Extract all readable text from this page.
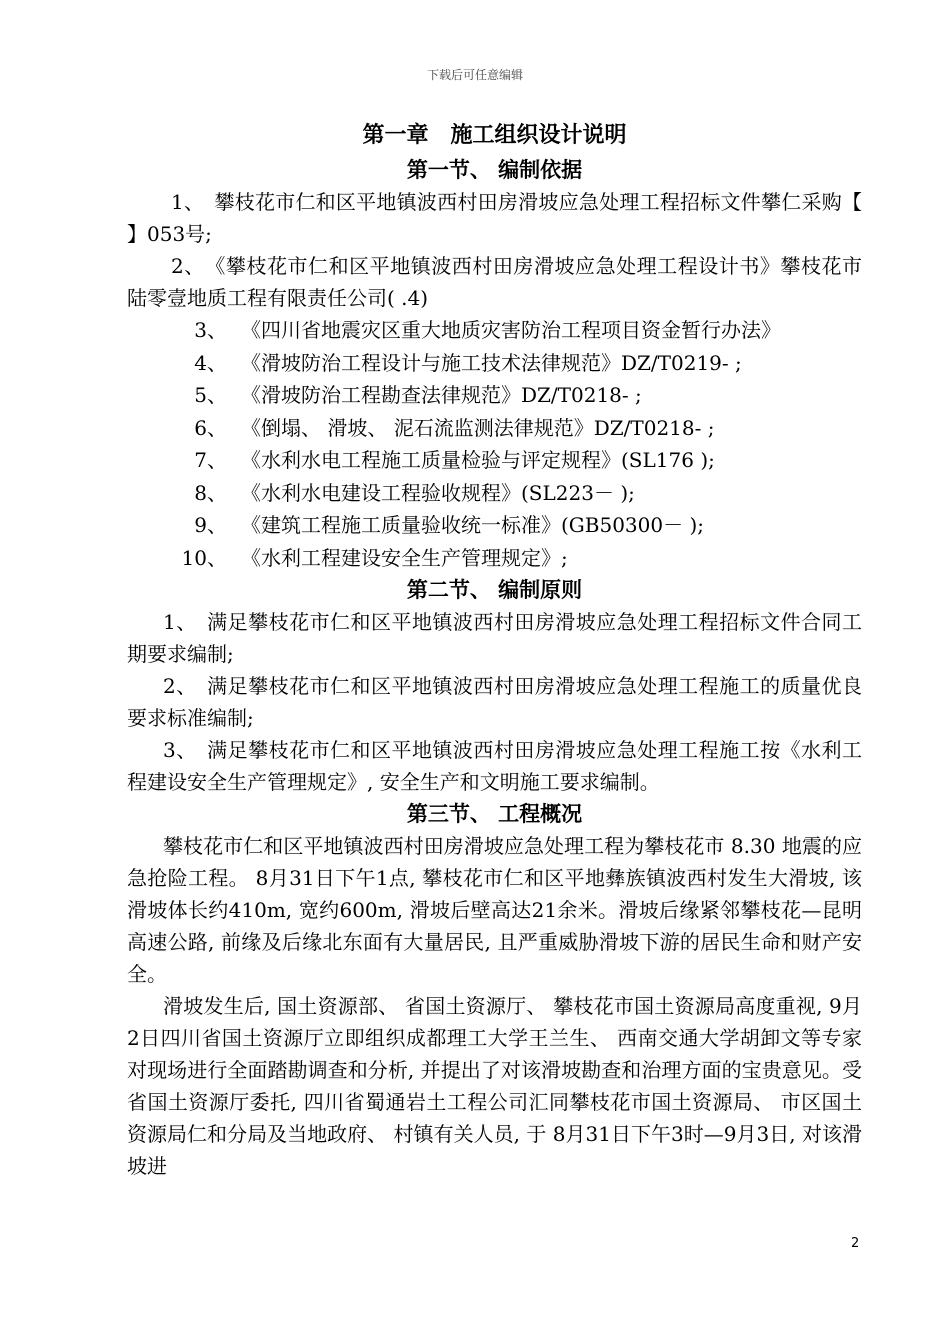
下载后可任意编辑

第一章　施工组织设计说明

第一节、 编制依据

1、　 攀枝花市仁和区平地镇波西村田房滑坡应急处理工程招标文件攀仁采购【 】053号;

2、　 《攀枝花市仁和区平地镇波西村田房滑坡应急处理工程设计书》攀枝花市陆零壹地质工程有限责任公司( .4)

3、　 《四川省地震灾区重大地质灾害防治工程项目资金暂行办法》

4、　 《滑坡防治工程设计与施工技术法律规范》DZ/T0219- ;

5、　 《滑坡防治工程勘查法律规范》DZ/T0218- ;

6、　 《倒塌、 滑坡、 泥石流监测法律规范》DZ/T0218- ;

7、　 《水利水电工程施工质量检验与评定规程》(SL176 );

8、　 《水利水电建设工程验收规程》(SL223－ );

9、　 《建筑工程施工质量验收统一标准》(GB50300－ );

10、　 《水利工程建设安全生产管理规定》;

第二节、 编制原则

1、　 满足攀枝花市仁和区平地镇波西村田房滑坡应急处理工程招标文件合同工期要求编制;

2、　 满足攀枝花市仁和区平地镇波西村田房滑坡应急处理工程施工的质量优良要求标准编制;

3、　 满足攀枝花市仁和区平地镇波西村田房滑坡应急处理工程施工按《水利工程建设安全生产管理规定》, 安全生产和文明施工要求编制。

第三节、 工程概况

攀枝花市仁和区平地镇波西村田房滑坡应急处理工程为攀枝花市 8.30 地震的应急抢险工程。 8月31日下午1点, 攀枝花市仁和区平地彝族镇波西村发生大滑坡, 该滑坡体长约410m, 宽约600m, 滑坡后壁高达21余米。滑坡后缘紧邻攀枝花—昆明高速公路, 前缘及后缘北东面有大量居民, 且严重威胁滑坡下游的居民生命和财产安全。

滑坡发生后, 国土资源部、 省国土资源厅、 攀枝花市国土资源局高度重视, 9月2日四川省国土资源厅立即组织成都理工大学王兰生、 西南交通大学胡卸文等专家对现场进行全面踏勘调查和分析, 并提出了对该滑坡勘查和治理方面的宝贵意见。受省国土资源厅委托, 四川省蜀通岩土工程公司汇同攀枝花市国土资源局、 市区国土资源局仁和分局及当地政府、 村镇有关人员, 于 8月31日下午3时—9月3日, 对该滑坡进

2
